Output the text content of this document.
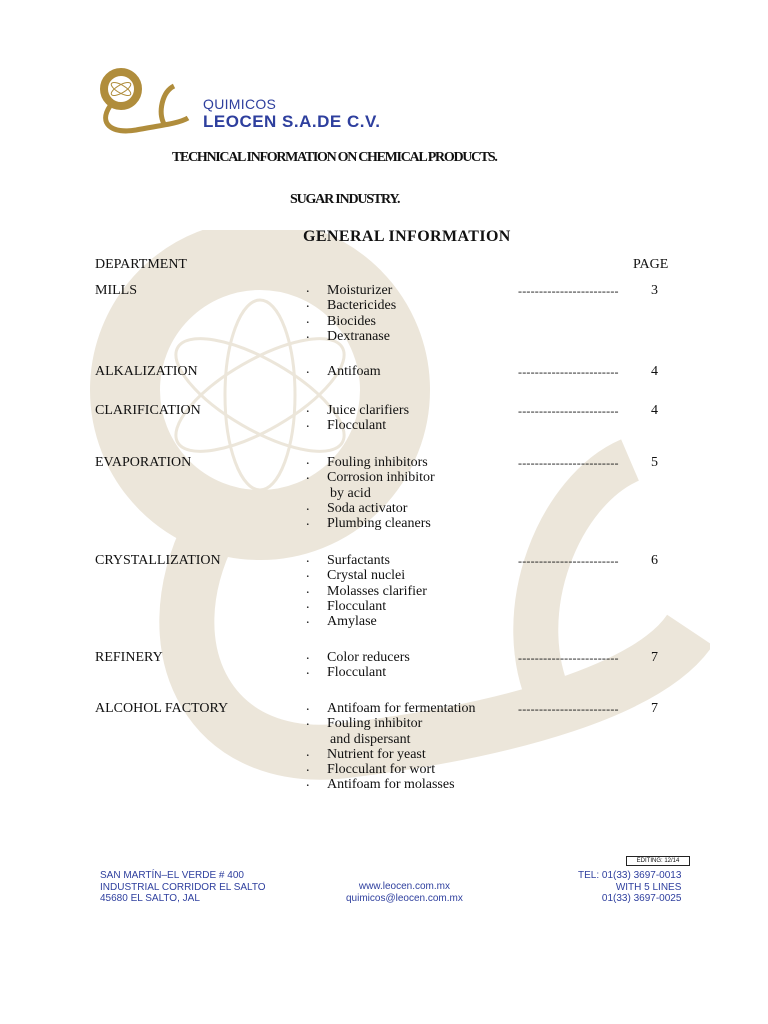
QUIMICOS
LEOCEN S.A.DE C.V.
TECHNICAL INFORMATION ON CHEMICAL PRODUCTS.
SUGAR INDUSTRY.
GENERAL INFORMATION
DEPARTMENT	PAGE
MILLS	. Moisturizer
. Bactericides
. Biocides
. Dextranase
------------------------ 3
ALKALIZATION	. Antifoam	------------------------ 4
CLARIFICATION	. Juice clarifiers
. Flocculant
------------------------ 4
EVAPORATION	. Fouling inhibitors
. Corrosion inhibitor
by acid
. Soda activator
. Plumbing cleaners
------------------------ 5
CRYSTALLIZATION	. Surfactants
. Crystal nuclei
. Molasses clarifier
. Flocculant
. Amylase
------------------------ 6
REFINERY	. Color reducers
. Flocculant
------------------------ 7
ALCOHOL FACTORY	. Antifoam for fermentation
. Fouling inhibitor
and dispersant
. Nutrient for yeast
. Flocculant for wort
. Antifoam for molasses
------------------------ 7
EDITING: 12/14
SAN MARTÍN–EL VERDE # 400
INDUSTRIAL CORRIDOR EL SALTO
45680 EL SALTO, JAL
www.leocen.com.mx
quimicos@leocen.com.mx
TEL: 01(33) 3697-0013
WITH 5 LINES
01(33) 3697-0025
